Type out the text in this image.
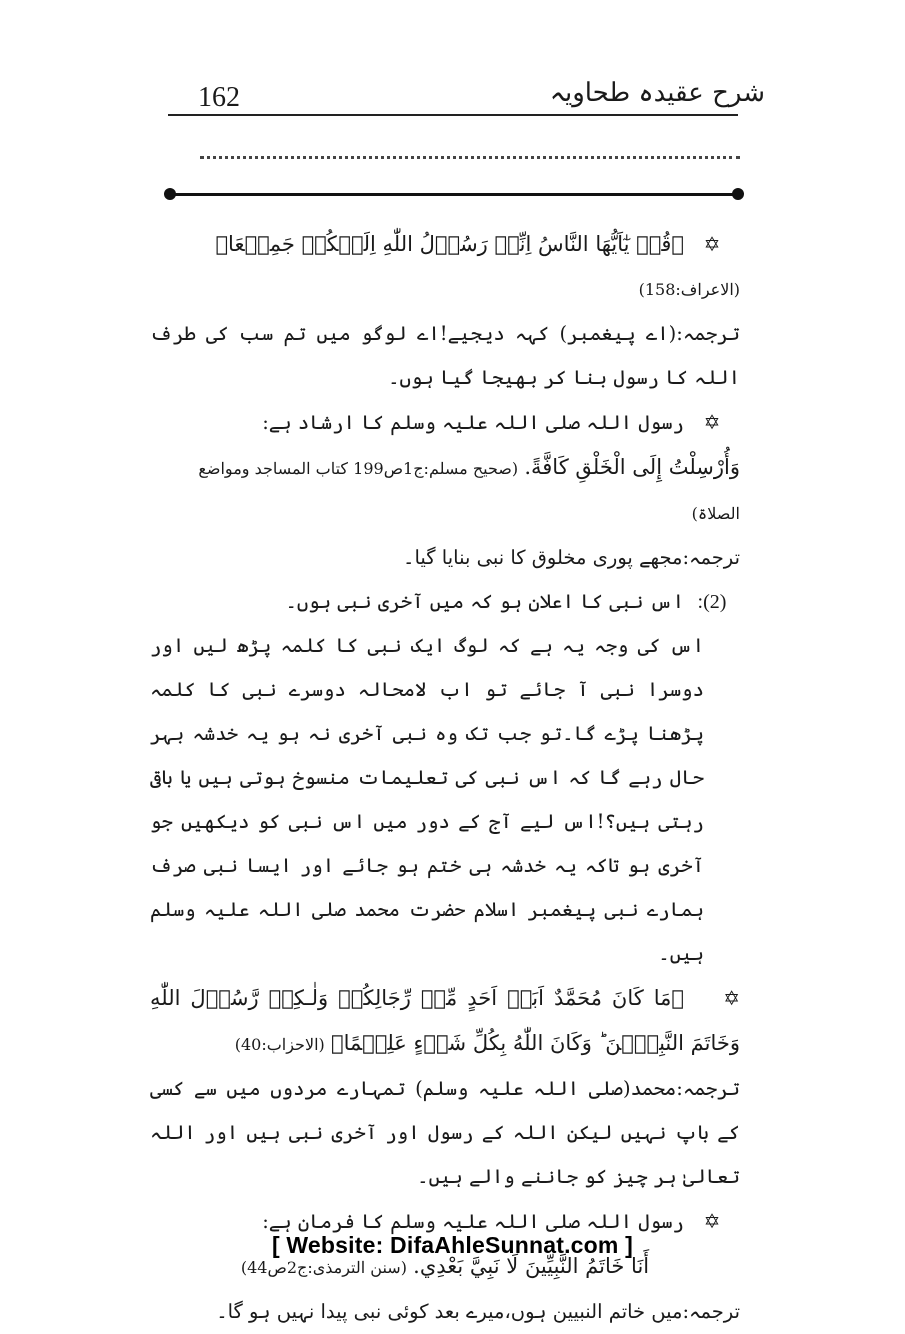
شرح عقیدہ طحاویہ
162

✡﴿قُلۡ يٰٓاَيُّهَا النَّاسُ اِنِّىۡ رَسُوۡلُ اللّٰهِ اِلَيۡكُمۡ جَمِيۡعَا﴾ (الاعراف:158)

ترجمہ:(اے پیغمبر) کہہ دیجیے!اے لوگو میں تم سب کی طرف اللہ کا رسول بنا کر بھیجا گیا ہوں۔

✡رسول اللہ صلی اللہ علیہ وسلم کا ارشاد ہے:

وَأُرْسِلْتُ إِلَى الْخَلْقِ كَافَّةً. (صحیح مسلم:ج1ص199 کتاب المساجد ومواضع الصلاۃ)

ترجمہ:مجھے پوری مخلوق کا نبی بنایا گیا۔

(2):اس نبی کا اعلان ہو کہ میں آخری نبی ہوں۔

اس کی وجہ یہ ہے کہ لوگ ایک نبی کا کلمہ پڑھ لیں اور دوسرا نبی آ جائے تو اب لامحالہ دوسرے نبی کا کلمہ پڑھنا پڑے گا۔تو جب تک وہ نبی آخری نہ ہو یہ خدشہ بہر حال رہے گا کہ اس نبی کی تعلیمات منسوخ ہوتی ہیں یا باقی رہتی ہیں؟!اس لیے آج کے دور میں اس نبی کو دیکھیں جو آخری ہو تاکہ یہ خدشہ ہی ختم ہو جائے اور ایسا نبی صرف ہمارے نبی پیغمبر اسلام حضرت محمد صلی اللہ علیہ وسلم ہیں۔

✡﴿مَا كَانَ مُحَمَّدٌ اَبَاۤ اَحَدٍ مِّنۡ رِّجَالِكُمۡ وَلٰـكِنۡ رَّسُوۡلَ اللّٰهِ وَخَاتَمَ النَّبِيّٖنَ ؕ وَكَانَ اللّٰهُ بِكُلِّ شَىۡءٍ عَلِيۡمًا﴾ (الاحزاب:40)

ترجمہ:محمد(صلی اللہ علیہ وسلم) تمہارے مردوں میں سے کسی کے باپ نہیں لیکن اللہ کے رسول اور آخری نبی ہیں اور اللہ تعالیٰ ہر چیز کو جاننے والے ہیں۔

✡رسول اللہ صلی اللہ علیہ وسلم کا فرمان ہے:

أَنَا خَاتَمُ النَّبِيِّينَ لَا نَبِيَّ بَعْدِي. (سنن الترمذی:ج2ص44)

ترجمہ:میں خاتم النبیین ہوں،میرے بعد کوئی نبی پیدا نہیں ہو گا۔

[ Website: DifaAhleSunnat.com ]
